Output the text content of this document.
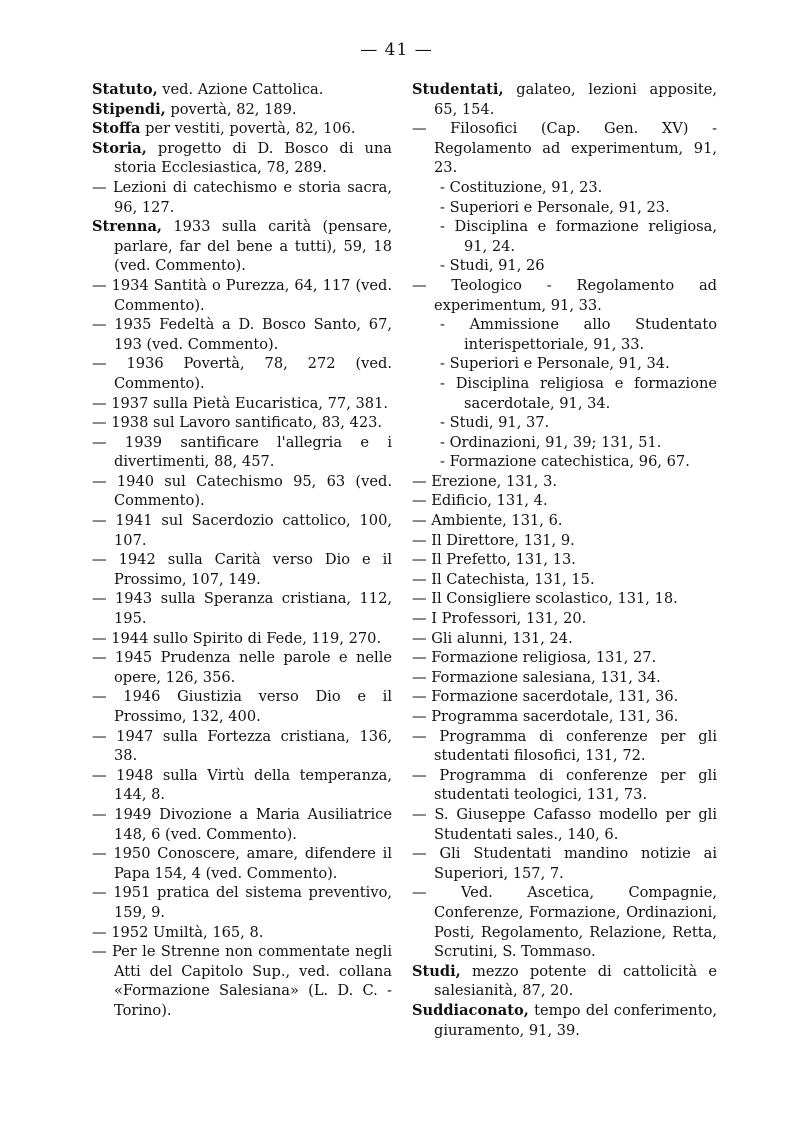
— 41 —

Statuto, ved. Azione Cattolica.

Stipendi, povertà, 82, 189.

Stoffa per vestiti, povertà, 82, 106.

Storia, progetto di D. Bosco di una storia Ecclesiastica, 78, 289.

— Lezioni di catechismo e storia sacra, 96, 127.

Strenna, 1933 sulla carità (pensare, parlare, far del bene a tutti), 59, 18 (ved. Commento).

— 1934 Santità o Purezza, 64, 117 (ved. Commento).

— 1935 Fedeltà a D. Bosco Santo, 67, 193 (ved. Commento).

— 1936 Povertà, 78, 272 (ved. Commento).

— 1937 sulla Pietà Eucaristica, 77, 381.

— 1938 sul Lavoro santificato, 83, 423.

— 1939 santificare l'allegria e i divertimenti, 88, 457.

— 1940 sul Catechismo 95, 63 (ved. Commento).

— 1941 sul Sacerdozio cattolico, 100, 107.

— 1942 sulla Carità verso Dio e il Prossimo, 107, 149.

— 1943 sulla Speranza cristiana, 112, 195.

— 1944 sullo Spirito di Fede, 119, 270.

— 1945 Prudenza nelle parole e nelle opere, 126, 356.

— 1946 Giustizia verso Dio e il Prossimo, 132, 400.

— 1947 sulla Fortezza cristiana, 136, 38.

— 1948 sulla Virtù della temperanza, 144, 8.

— 1949 Divozione a Maria Ausiliatrice 148, 6 (ved. Commento).

— 1950 Conoscere, amare, difendere il Papa 154, 4 (ved. Commento).

— 1951 pratica del sistema preventivo, 159, 9.

— 1952 Umiltà, 165, 8.

— Per le Strenne non commentate negli Atti del Capitolo Sup., ved. collana «Formazione Salesiana» (L. D. C. - Torino).

Studentati, galateo, lezioni apposite, 65, 154.

— Filosofici (Cap. Gen. XV) - Regolamento ad experimentum, 91, 23.

- Costituzione, 91, 23.

- Superiori e Personale, 91, 23.

- Disciplina e formazione religiosa, 91, 24.

- Studi, 91, 26

— Teologico - Regolamento ad experimentum, 91, 33.

- Ammissione allo Studentato interispettoriale, 91, 33.

- Superiori e Personale, 91, 34.

- Disciplina religiosa e formazione sacerdotale, 91, 34.

- Studi, 91, 37.

- Ordinazioni, 91, 39; 131, 51.

- Formazione catechistica, 96, 67.

— Erezione, 131, 3.

— Edificio, 131, 4.

— Ambiente, 131, 6.

— Il Direttore, 131, 9.

— Il Prefetto, 131, 13.

— Il Catechista, 131, 15.

— Il Consigliere scolastico, 131, 18.

— I Professori, 131, 20.

— Gli alunni, 131, 24.

— Formazione religiosa, 131, 27.

— Formazione salesiana, 131, 34.

— Formazione sacerdotale, 131, 36.

— Programma sacerdotale, 131, 36.

— Programma di conferenze per gli studentati filosofici, 131, 72.

— Programma di conferenze per gli studentati teologici, 131, 73.

— S. Giuseppe Cafasso modello per gli Studentati sales., 140, 6.

— Gli Studentati mandino notizie ai Superiori, 157, 7.

— Ved. Ascetica, Compagnie, Conferenze, Formazione, Ordinazioni, Posti, Regolamento, Relazione, Retta, Scrutini, S. Tommaso.

Studi, mezzo potente di cattolicità e salesianità, 87, 20.

Suddiaconato, tempo del conferimento, giuramento, 91, 39.
